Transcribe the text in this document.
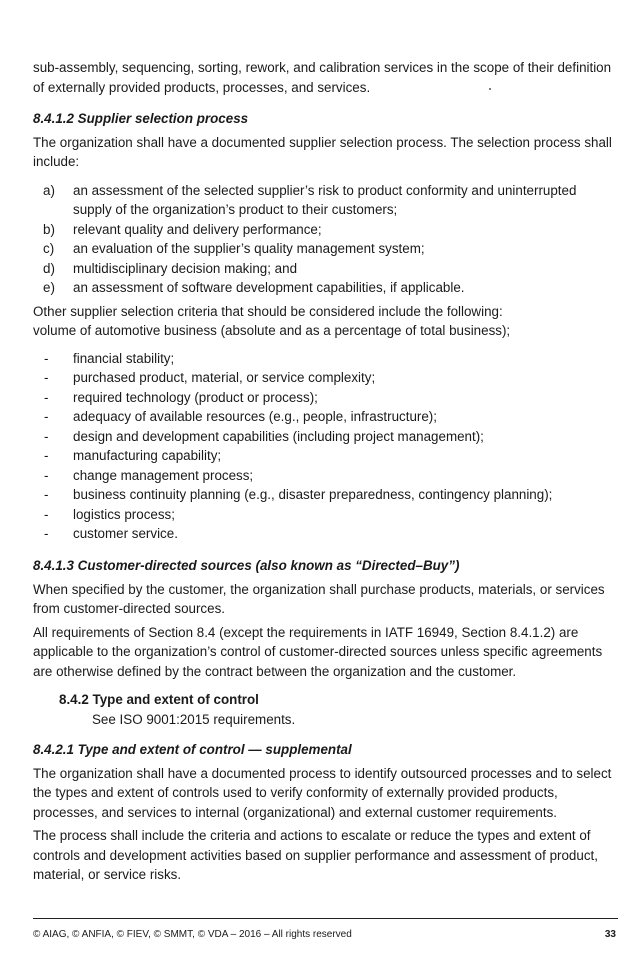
sub-assembly, sequencing, sorting, rework, and calibration services in the scope of their definition of externally provided products, processes, and services.

8.4.1.2 Supplier selection process

The organization shall have a documented supplier selection process. The selection process shall include:

a) an assessment of the selected supplier’s risk to product conformity and uninterrupted supply of the organization’s product to their customers;
b) relevant quality and delivery performance;
c) an evaluation of the supplier’s quality management system;
d) multidisciplinary decision making; and
e) an assessment of software development capabilities, if applicable.

Other supplier selection criteria that should be considered include the following:

volume of automotive business (absolute and as a percentage of total business);

- financial stability;
- purchased product, material, or service complexity;
- required technology (product or process);
- adequacy of available resources (e.g., people, infrastructure);
- design and development capabilities (including project management);
- manufacturing capability;
- change management process;
- business continuity planning (e.g., disaster preparedness, contingency planning);
- logistics process;
- customer service.

8.4.1.3 Customer-directed sources (also known as “Directed–Buy”)

When specified by the customer, the organization shall purchase products, materials, or services from customer-directed sources.

All requirements of Section 8.4 (except the requirements in IATF 16949, Section 8.4.1.2) are applicable to the organization’s control of customer-directed sources unless specific agreements are otherwise defined by the contract between the organization and the customer.

8.4.2 Type and extent of control

See ISO 9001:2015 requirements.

8.4.2.1 Type and extent of control — supplemental

The organization shall have a documented process to identify outsourced processes and to select the types and extent of controls used to verify conformity of externally provided products, processes, and services to internal (organizational) and external customer requirements.

The process shall include the criteria and actions to escalate or reduce the types and extent of controls and development activities based on supplier performance and assessment of product, material, or service risks.

© AIAG, © ANFIA, © FIEV, © SMMT, © VDA – 2016 – All rights reserved	33
